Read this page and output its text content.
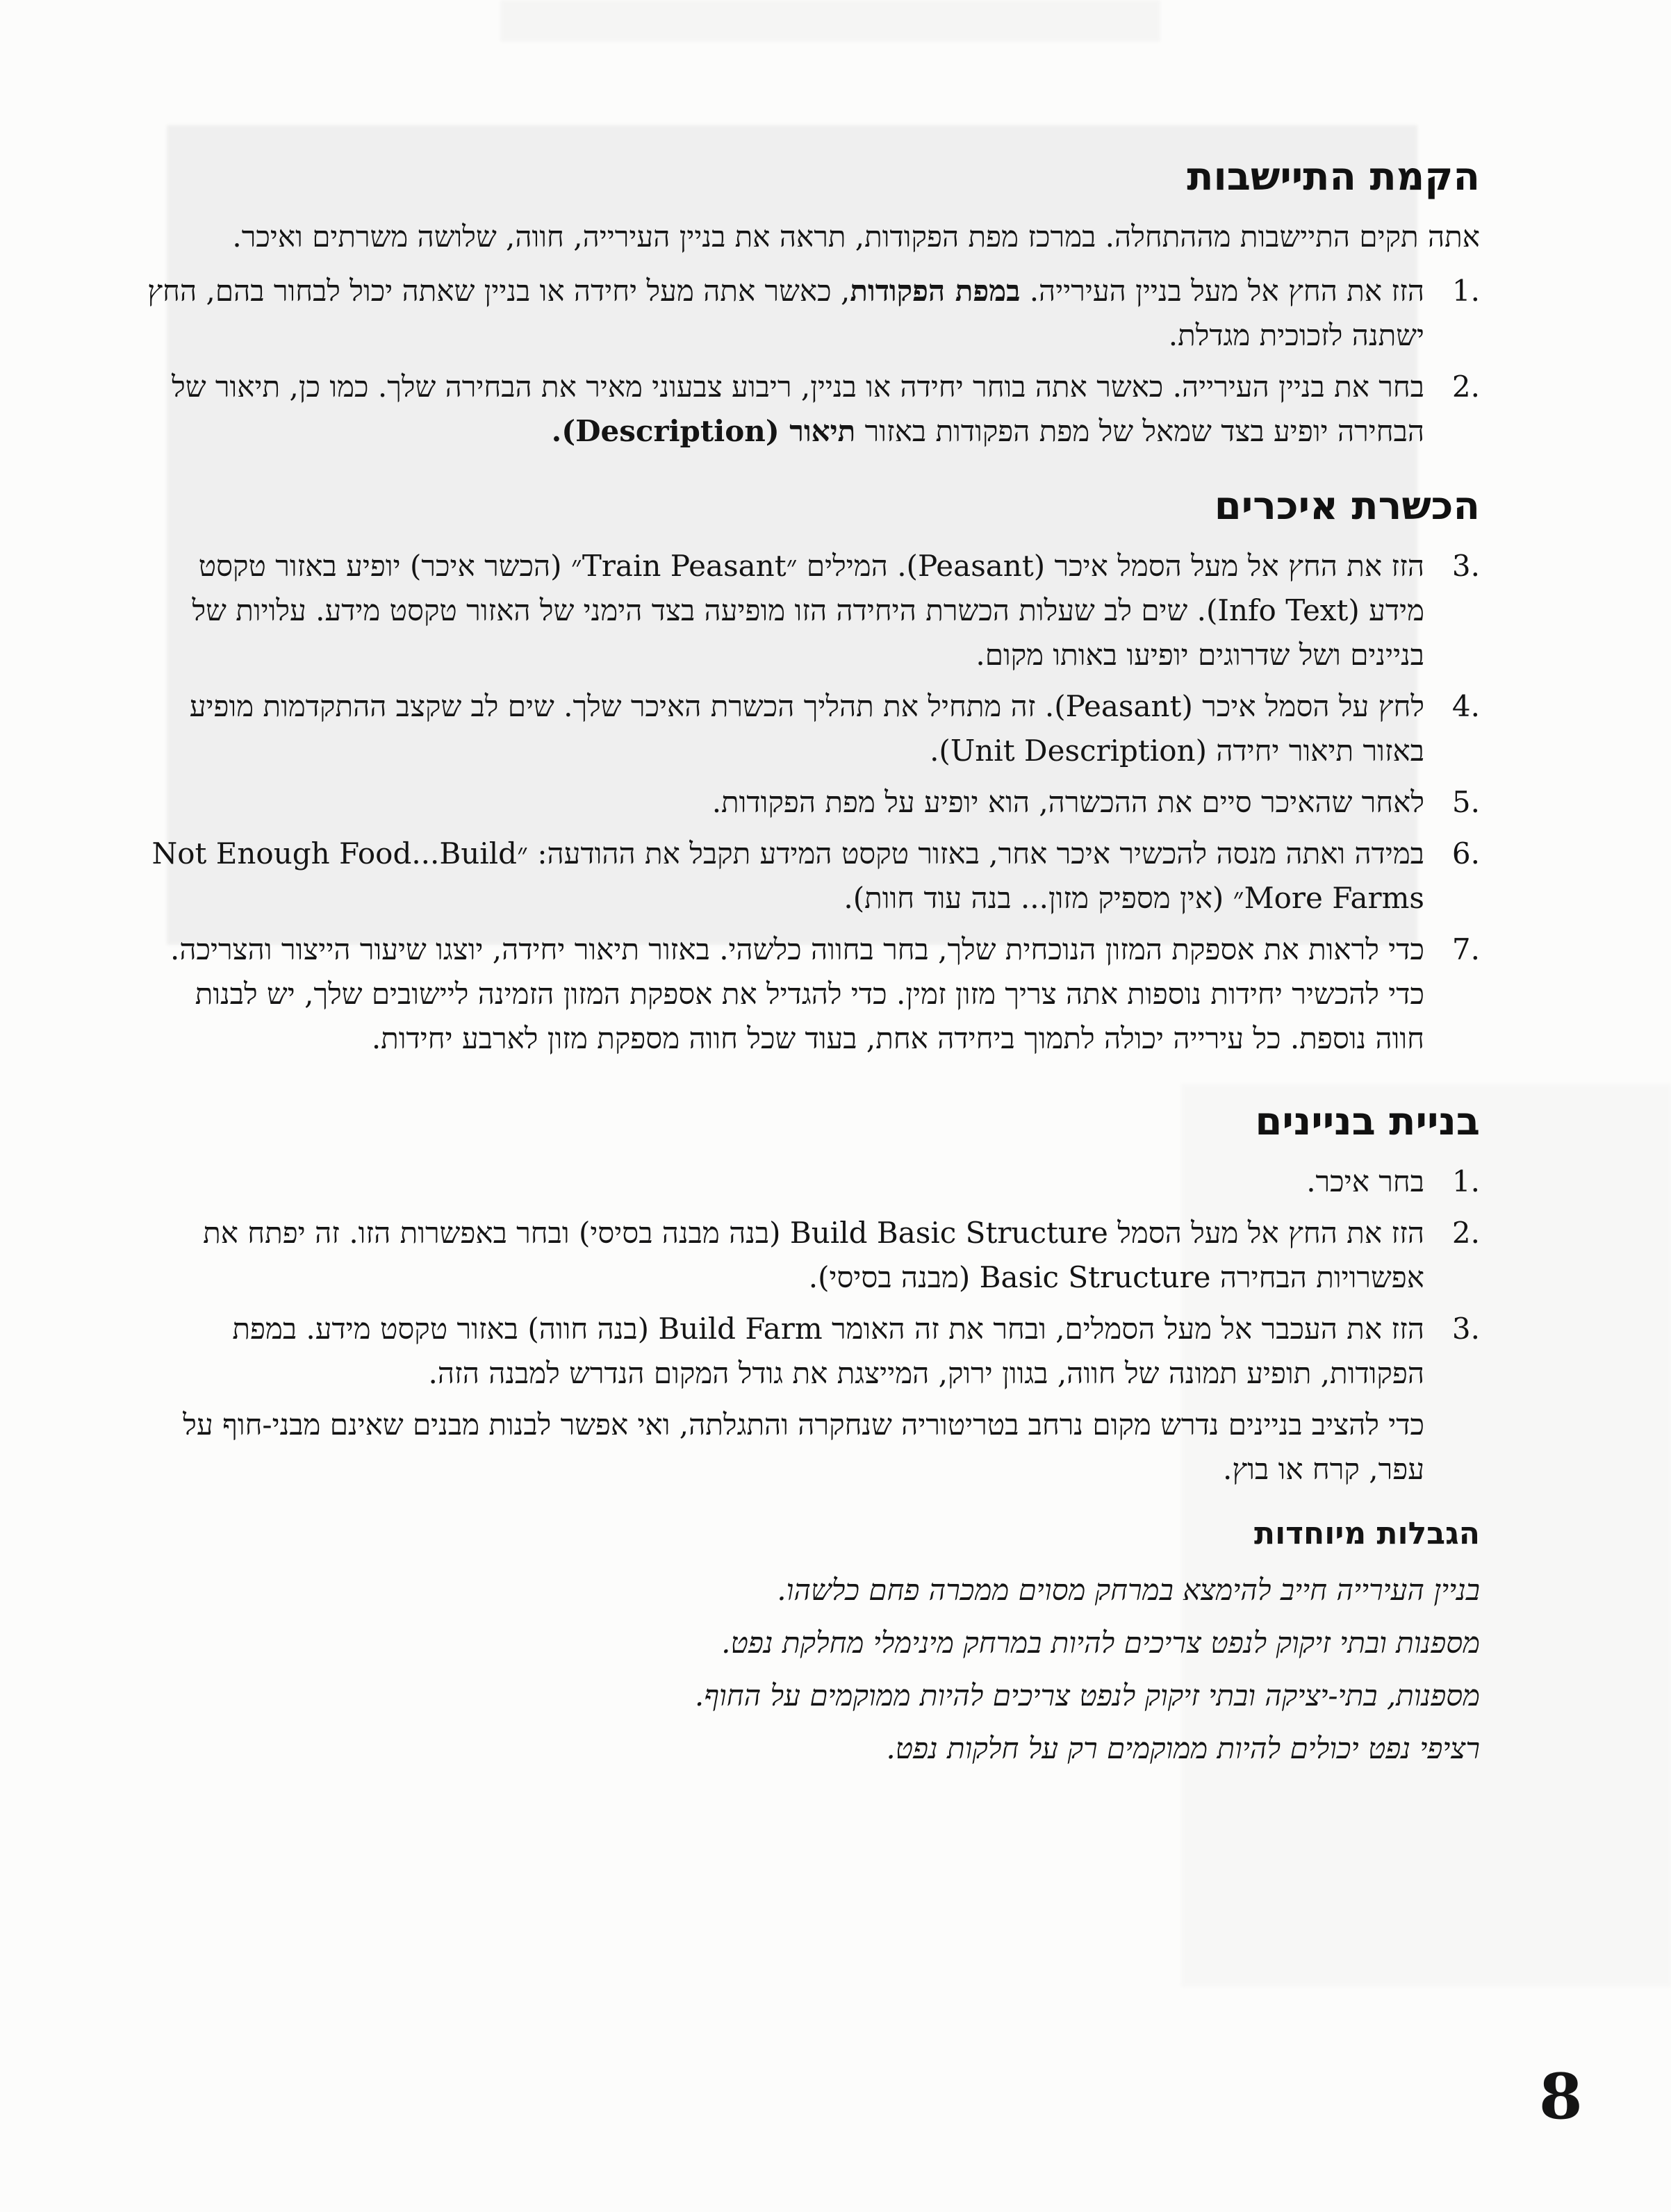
הקמת התיישבות

אתה תקים התיישבות מההתחלה. במרכז מפת הפקודות, תראה את בניין העירייה, חווה, שלושה משרתים ואיכר.

1.
הזז את החץ אל מעל בניין העירייה. במפת הפקודות, כאשר אתה מעל יחידה או בניין שאתה יכול לבחור בהם, החץ ישתנה לזכוכית מגדלת.
2.
בחר את בניין העירייה. כאשר אתה בוחר יחידה או בניין, ריבוע צבעוני מאיר את הבחירה שלך. כמו כן, תיאור של הבחירה יופיע בצד שמאל של מפת הפקודות באזור תיאור (Description).
הכשרת איכרים
3.
הזז את החץ אל מעל הסמל איכר (Peasant). המילים ״Train Peasant״ (הכשר איכר) יופיע באזור טקסט מידע (Info Text). שים לב שעלות הכשרת היחידה הזו מופיעה בצד הימני של האזור טקסט מידע. עלויות של בניינים ושל שדרוגים יופיעו באותו מקום.
4.
לחץ על הסמל איכר (Peasant). זה מתחיל את תהליך הכשרת האיכר שלך. שים לב שקצב ההתקדמות מופיע באזור תיאור יחידה (Unit Description).
5.
לאחר שהאיכר סיים את ההכשרה, הוא יופיע על מפת הפקודות.
6.
במידה ואתה מנסה להכשיר איכר אחר, באזור טקסט המידע תקבל את ההודעה: ״Not Enough Food...Build More Farms״ (אין מספיק מזון... בנה עוד חוות).
7.
כדי לראות את אספקת המזון הנוכחית שלך, בחר בחווה כלשהי. באזור תיאור יחידה, יוצגו שיעור הייצור והצריכה. כדי להכשיר יחידות נוספות אתה צריך מזון זמין. כדי להגדיל את אספקת המזון הזמינה ליישובים שלך, יש לבנות חווה נוספת. כל עירייה יכולה לתמוך ביחידה אחת, בעוד שכל חווה מספקת מזון לארבע יחידות.
בניית בניינים
1.
בחר איכר.
2.
הזז את החץ אל מעל הסמל Build Basic Structure (בנה מבנה בסיסי) ובחר באפשרות הזו. זה יפתח את אפשרויות הבחירה Basic Structure (מבנה בסיסי).
3.
הזז את העכבר אל מעל הסמלים, ובחר את זה האומר Build Farm (בנה חווה) באזור טקסט מידע. במפת הפקודות, תופיע תמונה של חווה, בגוון ירוק, המייצגת את גודל המקום הנדרש למבנה הזה.

כדי להציב בניינים נדרש מקום נרחב בטריטוריה שנחקרה והתגלתה, ואי אפשר לבנות מבנים שאינם מבני-חוף על עפר, קרח או בוץ.

הגבלות מיוחדות
בניין העירייה חייב להימצא במרחק מסוים ממכרה פחם כלשהו.
מספנות ובתי זיקוק לנפט צריכים להיות במרחק מינימלי מחלקת נפט.
מספנות, בתי-יציקה ובתי זיקוק לנפט צריכים להיות ממוקמים על החוף.
רציפי נפט יכולים להיות ממוקמים רק על חלקות נפט.
8
